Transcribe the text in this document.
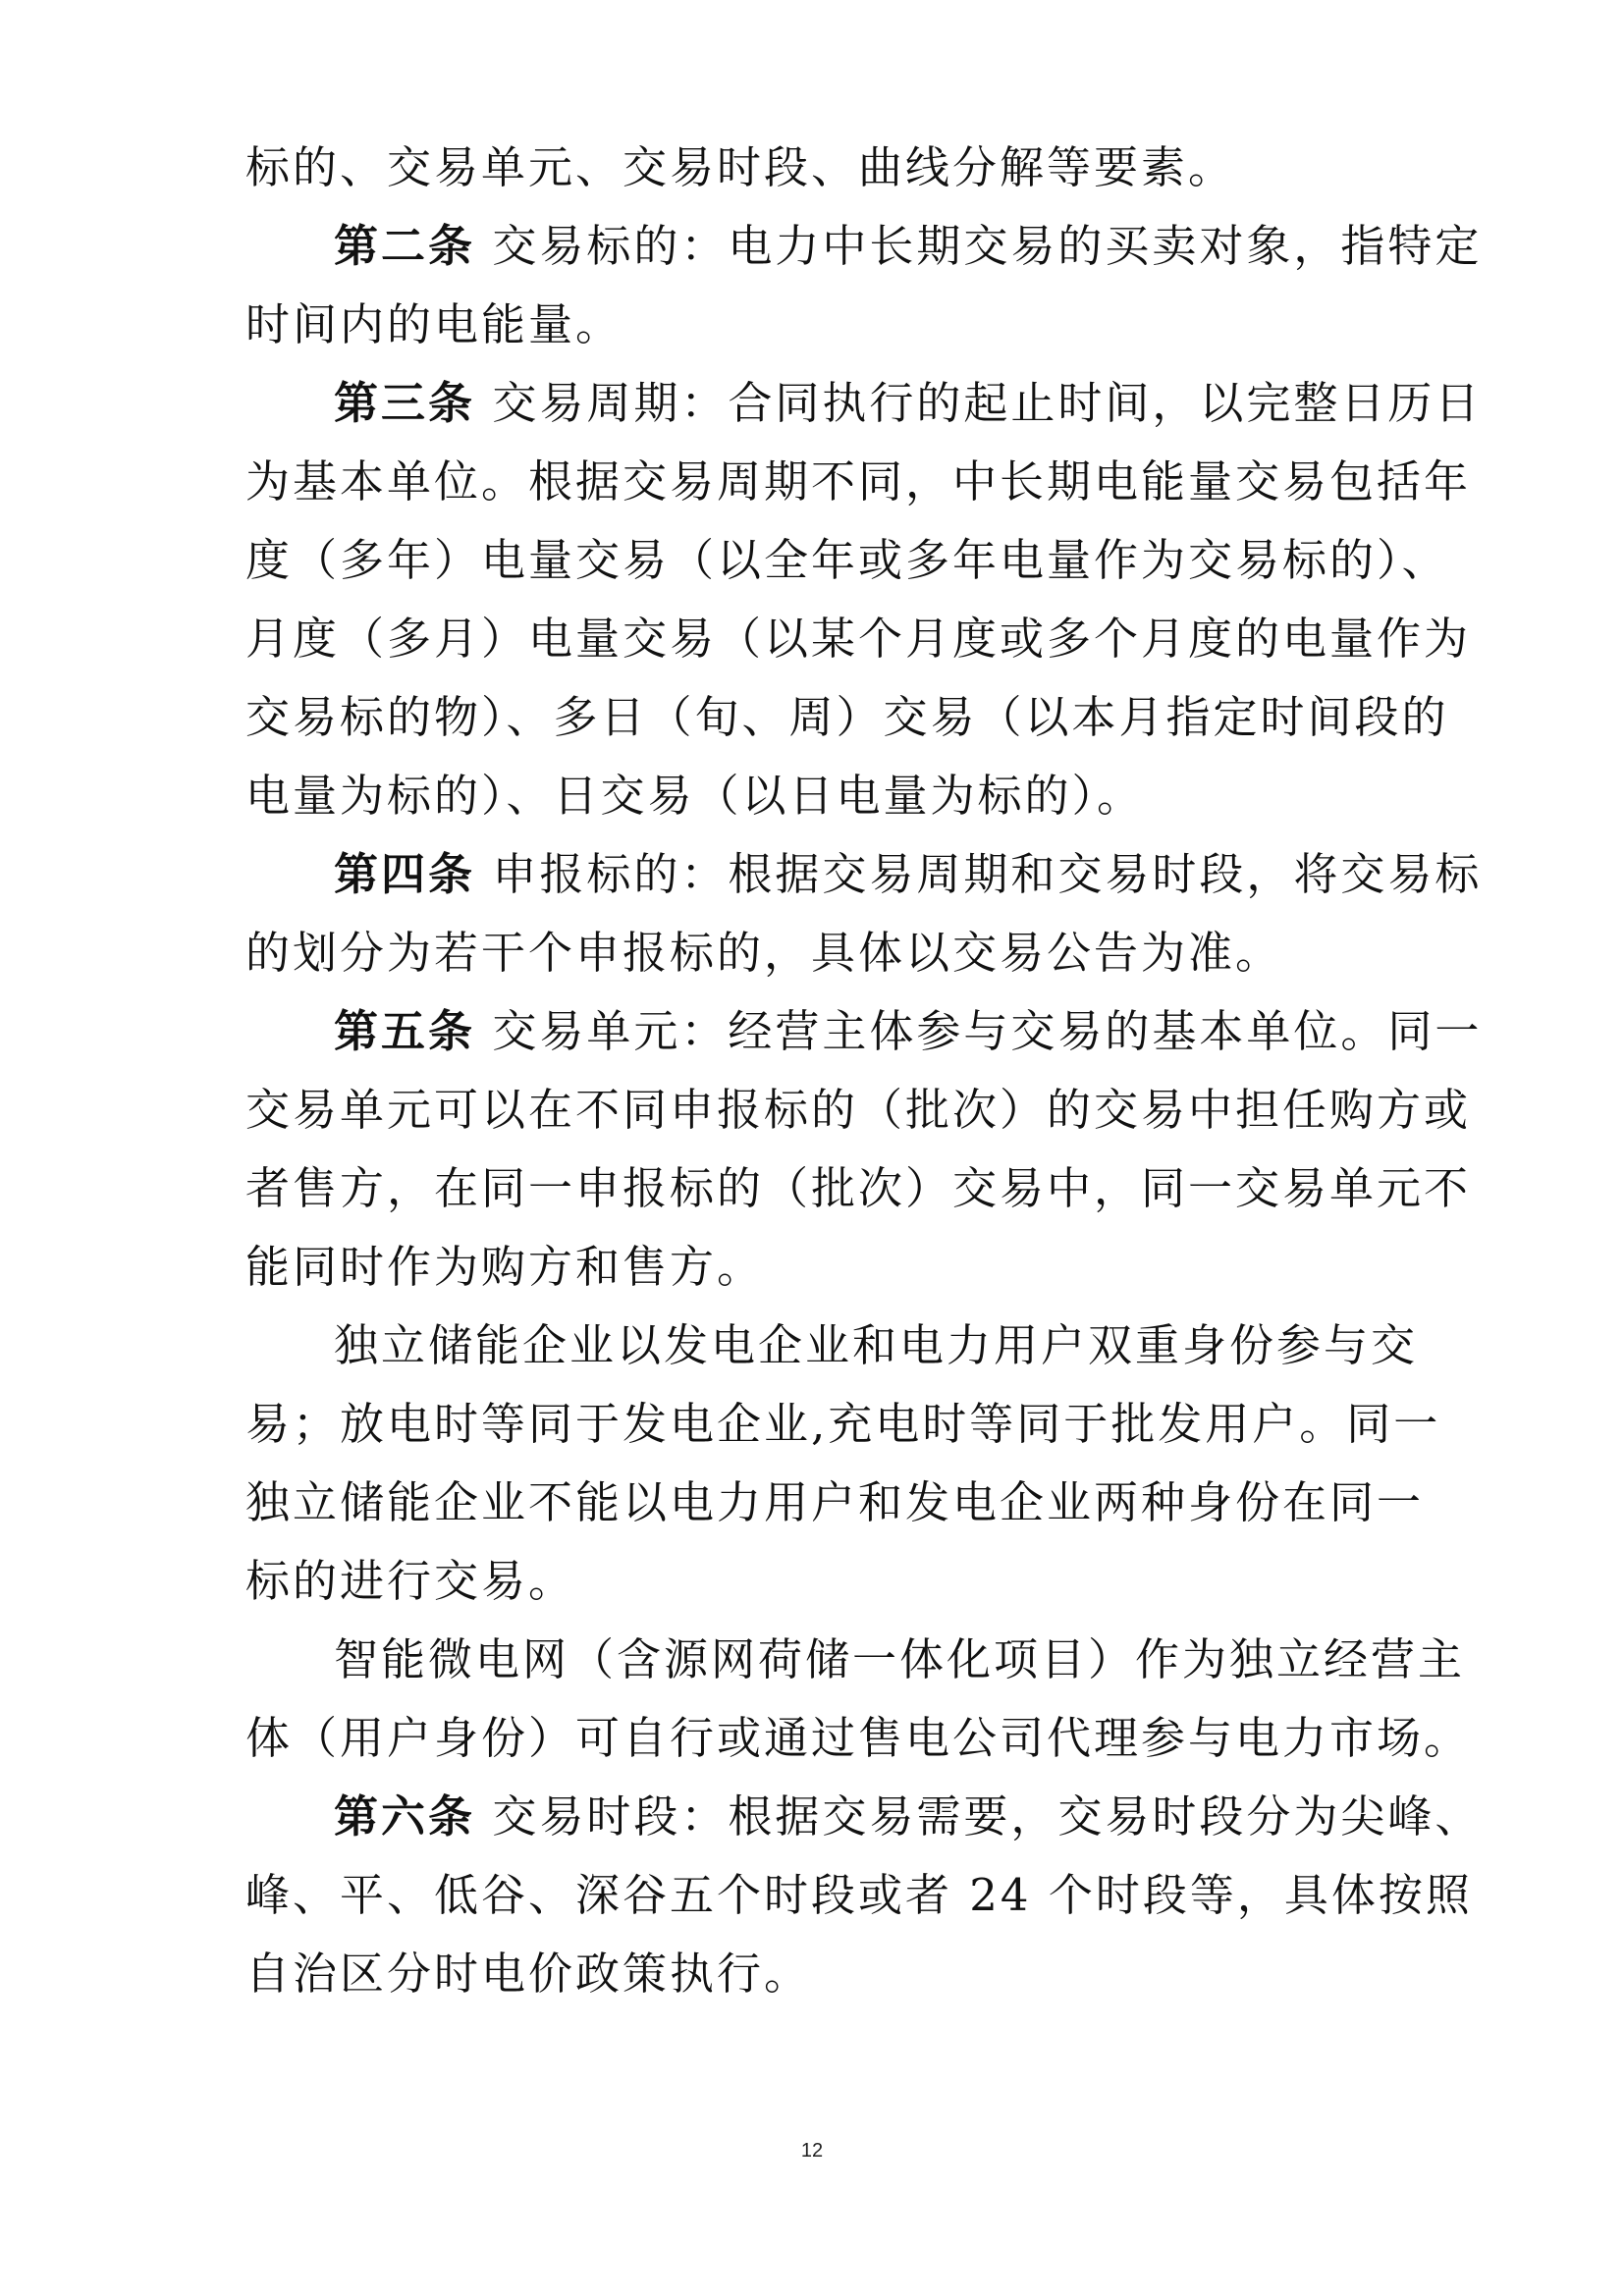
标的、交易单元、交易时段、曲线分解等要素。
第二条 交易标的：电力中长期交易的买卖对象，指特定
时间内的电能量。
第三条 交易周期：合同执行的起止时间，以完整日历日
为基本单位。根据交易周期不同，中长期电能量交易包括年
度（多年）电量交易（以全年或多年电量作为交易标的）、
月度（多月）电量交易（以某个月度或多个月度的电量作为
交易标的物）、多日（旬、周）交易（以本月指定时间段的
电量为标的）、日交易（以日电量为标的）。
第四条 申报标的：根据交易周期和交易时段，将交易标
的划分为若干个申报标的，具体以交易公告为准。
第五条 交易单元：经营主体参与交易的基本单位。同一
交易单元可以在不同申报标的（批次）的交易中担任购方或
者售方，在同一申报标的（批次）交易中，同一交易单元不
能同时作为购方和售方。
独立储能企业以发电企业和电力用户双重身份参与交
易；放电时等同于发电企业,充电时等同于批发用户。同一
独立储能企业不能以电力用户和发电企业两种身份在同一
标的进行交易。
智能微电网（含源网荷储一体化项目）作为独立经营主
体（用户身份）可自行或通过售电公司代理参与电力市场。
第六条 交易时段：根据交易需要，交易时段分为尖峰、
峰、平、低谷、深谷五个时段或者 24 个时段等，具体按照
自治区分时电价政策执行。
12
